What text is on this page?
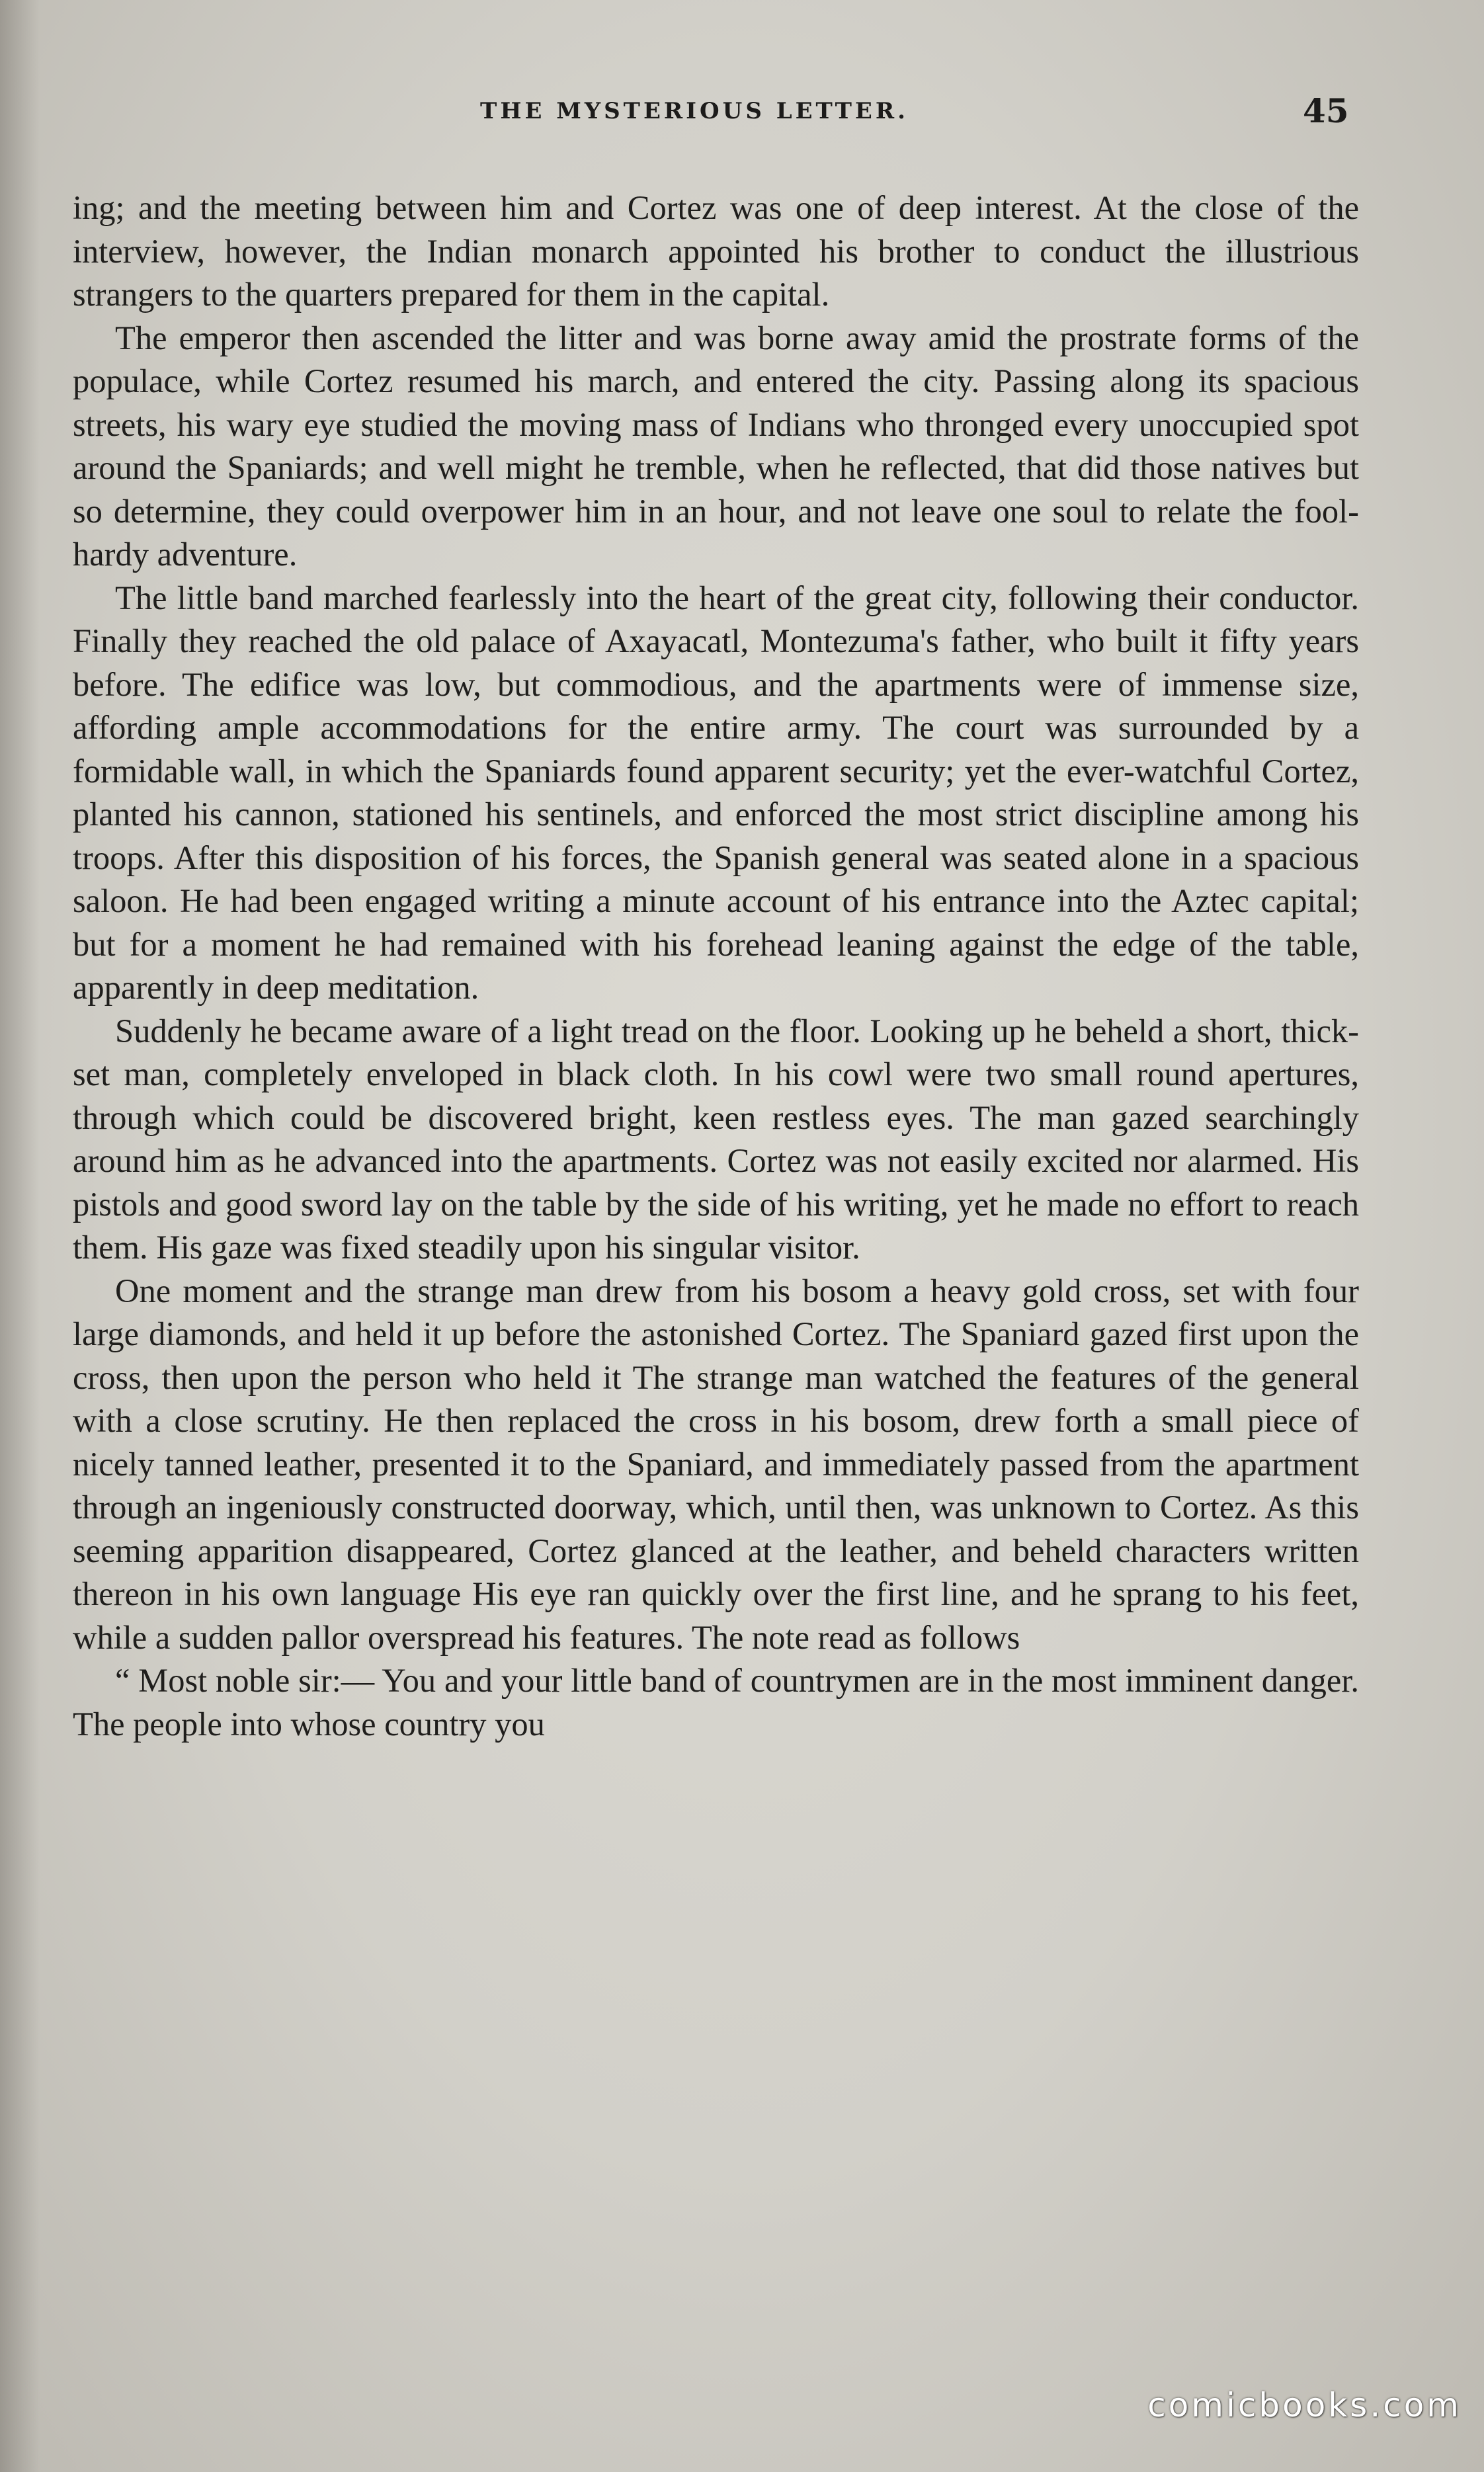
THE MYSTERIOUS LETTER.	45

ing; and the meeting between him and Cortez was one of deep interest. At the close of the interview, however, the Indian monarch appointed his brother to conduct the illustrious strangers to the quarters prepared for them in the capital.

The emperor then ascended the litter and was borne away amid the prostrate forms of the populace, while Cortez resumed his march, and entered the city. Passing along its spacious streets, his wary eye studied the moving mass of Indians who thronged every unoccupied spot around the Spaniards; and well might he tremble, when he reflected, that did those natives but so determine, they could overpower him in an hour, and not leave one soul to relate the fool-hardy adventure.

The little band marched fearlessly into the heart of the great city, following their conductor. Finally they reached the old palace of Axayacatl, Montezuma's father, who built it fifty years before. The edifice was low, but commodious, and the apartments were of immense size, affording ample accommodations for the entire army. The court was surrounded by a formidable wall, in which the Spaniards found apparent security; yet the ever-watchful Cortez, planted his cannon, stationed his sentinels, and enforced the most strict discipline among his troops. After this disposition of his forces, the Spanish general was seated alone in a spacious saloon. He had been engaged writing a minute account of his entrance into the Aztec capital; but for a moment he had remained with his forehead leaning against the edge of the table, apparently in deep meditation.

Suddenly he became aware of a light tread on the floor. Looking up he beheld a short, thick-set man, completely enveloped in black cloth. In his cowl were two small round apertures, through which could be discovered bright, keen restless eyes. The man gazed searchingly around him as he advanced into the apartments. Cortez was not easily excited nor alarmed. His pistols and good sword lay on the table by the side of his writing, yet he made no effort to reach them. His gaze was fixed steadily upon his singular visitor.

One moment and the strange man drew from his bosom a heavy gold cross, set with four large diamonds, and held it up before the astonished Cortez. The Spaniard gazed first upon the cross, then upon the person who held it The strange man watched the features of the general with a close scrutiny. He then replaced the cross in his bosom, drew forth a small piece of nicely tanned leather, presented it to the Spaniard, and immediately passed from the apartment through an ingeniously constructed doorway, which, until then, was unknown to Cortez. As this seeming apparition disappeared, Cortez glanced at the leather, and beheld characters written thereon in his own language His eye ran quickly over the first line, and he sprang to his feet, while a sudden pallor overspread his features. The note read as follows

“ Most noble sir:— You and your little band of countrymen are in the most imminent danger. The people into whose country you

comicbooks.com
